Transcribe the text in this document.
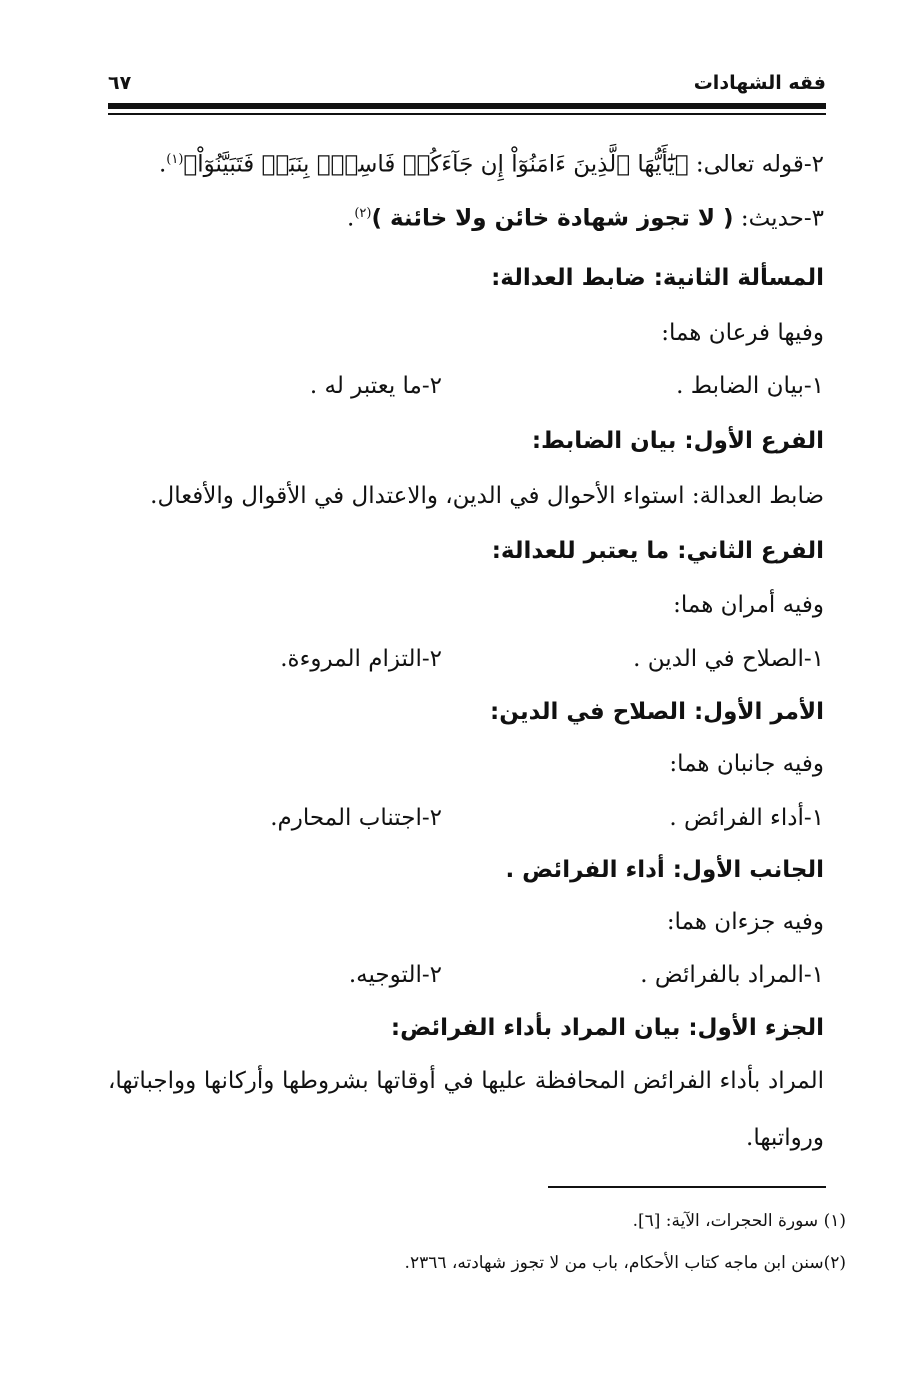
فقه الشهادات
٦٧
٢-قوله تعالى: ﴿يَٰٓأَيُّهَا ٱلَّذِينَ ءَامَنُوٓاْ إِن جَآءَكُمۡ فَاسِقُۢ بِنَبَإٖ فَتَبَيَّنُوٓاْ﴾$^{(١)}$.
٣-حديث: ( لا تجوز شهادة خائن ولا خائنة )$^{(٢)}$.
المسألة الثانية: ضابط العدالة:
وفيها فرعان هما:
١-بيان الضابط .
٢-ما يعتبر له .
الفرع الأول: بيان الضابط:
ضابط العدالة: استواء الأحوال في الدين، والاعتدال في الأقوال والأفعال.
الفرع الثاني: ما يعتبر للعدالة:
وفيه أمران هما:
١-الصلاح في الدين .
٢-التزام المروءة.
الأمر الأول: الصلاح في الدين:
وفيه جانبان هما:
١-أداء الفرائض .
٢-اجتناب المحارم.
الجانب الأول: أداء الفرائض .
وفيه جزءان هما:
١-المراد بالفرائض .
٢-التوجيه.
الجزء الأول: بيان المراد بأداء الفرائض:
المراد بأداء الفرائض المحافظة عليها في أوقاتها بشروطها وأركانها وواجباتها،
ورواتبها.
(١) سورة الحجرات، الآية: [٦].
(٢)سنن ابن ماجه كتاب الأحكام، باب من لا تجوز شهادته، ٢٣٦٦.
